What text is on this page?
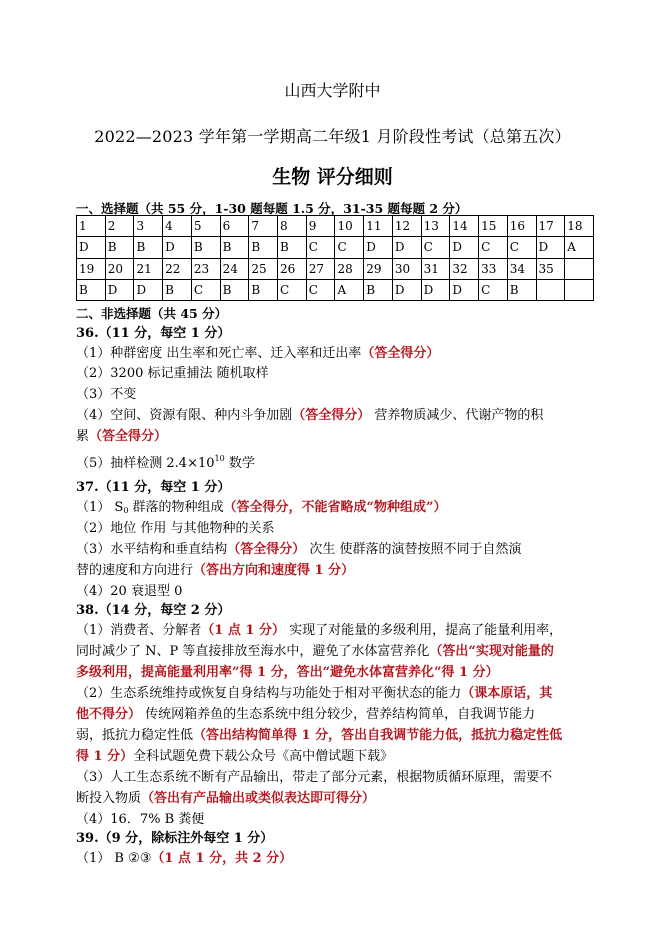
山西大学附中
2022—2023 学年第一学期高二年级1 月阶段性考试（总第五次）
生物 评分细则
一、选择题（共 55 分，1-30 题每题 1.5 分，31-35 题每题 2 分）
1	2	3	4	5	6	7	8	9	10	11	12	13	14	15	16	17	18
D	B	B	D	B	B	B	B	C	C	D	D	C	D	C	C	D	A
19	20	21	22	23	24	25	26	27	28	29	30	31	32	33	34	35	
B	D	D	B	C	B	B	C	C	A	B	D	D	D	C	B		
二、非选择题（共 45 分）
36.（11 分，每空 1 分）
（1）种群密度 出生率和死亡率、迁入率和迁出率（答全得分）
（2）3200 标记重捕法 随机取样
（3）不变
（4）空间、资源有限、种内斗争加剧（答全得分） 营养物质减少、代谢产物的积
累（答全得分）
（5）抽样检测 $2.4\times 10^{10}$ 数学
37.（11 分，每空 1 分）
（1） $S_0$ 群落的物种组成（答全得分，不能省略成“物种组成”）
（2）地位 作用 与其他物种的关系
（3）水平结构和垂直结构（答全得分） 次生 使群落的演替按照不同于自然演
替的速度和方向进行（答出方向和速度得 1 分）
（4）20 衰退型 0
38.（14 分，每空 2 分）
（1）消费者、分解者（1 点 1 分） 实现了对能量的多级利用，提高了能量利用率，
同时减少了 N、P 等直接排放至海水中，避免了水体富营养化（答出“实现对能量的
多级利用，提高能量利用率”得 1 分，答出“避免水体富营养化”得 1 分）
（2）生态系统维持或恢复自身结构与功能处于相对平衡状态的能力（课本原话，其
他不得分） 传统网箱养鱼的生态系统中组分较少，营养结构简单，自我调节能力
弱，抵抗力稳定性低（答出结构简单得 1 分，答出自我调节能力低，抵抗力稳定性低
得 1 分）全科试题免费下载公众号《高中僧试题下载》
（3）人工生态系统不断有产品输出，带走了部分元素，根据物质循环原理，需要不
断投入物质（答出有产品输出或类似表达即可得分）
（4）16．7% B 粪便
39.（9 分，除标注外每空 1 分）
（1） B ②③（1 点 1 分，共 2 分）
